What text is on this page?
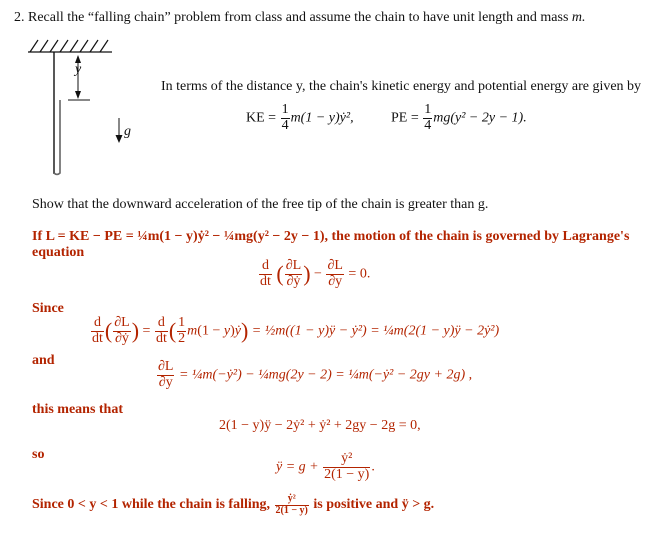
2. Recall the “falling chain” problem from class and assume the chain to have unit length and mass m.
y
g
In terms of the distance y, the chain's kinetic energy and potential energy are given by
KE = $\frac{1}{4} m(1$ − y)ẏ²,	PE = $\frac{1}{4} mg(y^2 - 2y - 1)$.
Show that the downward acceleration of the free tip of the chain is greater than g.
If L = KE − PE = ¼m(1 − y)ẏ² − ¼mg(y² − 2y − 1), the motion of the chain is governed by Lagrange's
equation
$\frac{d}{dt}$ ( $\frac{\partial L}{\text{∂ẏ}}$ ) − $\frac{\partial L}{\partial y} = 0$.
Since
$\frac{d}{dt}$ ( $\frac{\partial L}{\text{∂ẏ}}$ ) = $\frac{d}{dt}$ ( $\frac{1}{2} m(1$ − y)ẏ) = ½m((1 − y)ÿ − ẏ²) = ¼m(2(1 − y)ÿ − 2ẏ²)
and	$\frac{\partial L}{\partial y}$ = ¼m(−ẏ²) − ¼mg(2y − 2) = ¼m(−ẏ² − 2gy + 2g) ,
this means that
2(1 − y)ÿ − 2ẏ² + ẏ² + 2gy − 2g = 0,
so
ÿ = $g + \frac{\text{ẏ²}}{2(1 - y)}$ .
Since 0 < y < 1 while the chain is falling, $\frac{\text{ẏ²}}{2(1 - y)}$ is positive and ÿ > g.
